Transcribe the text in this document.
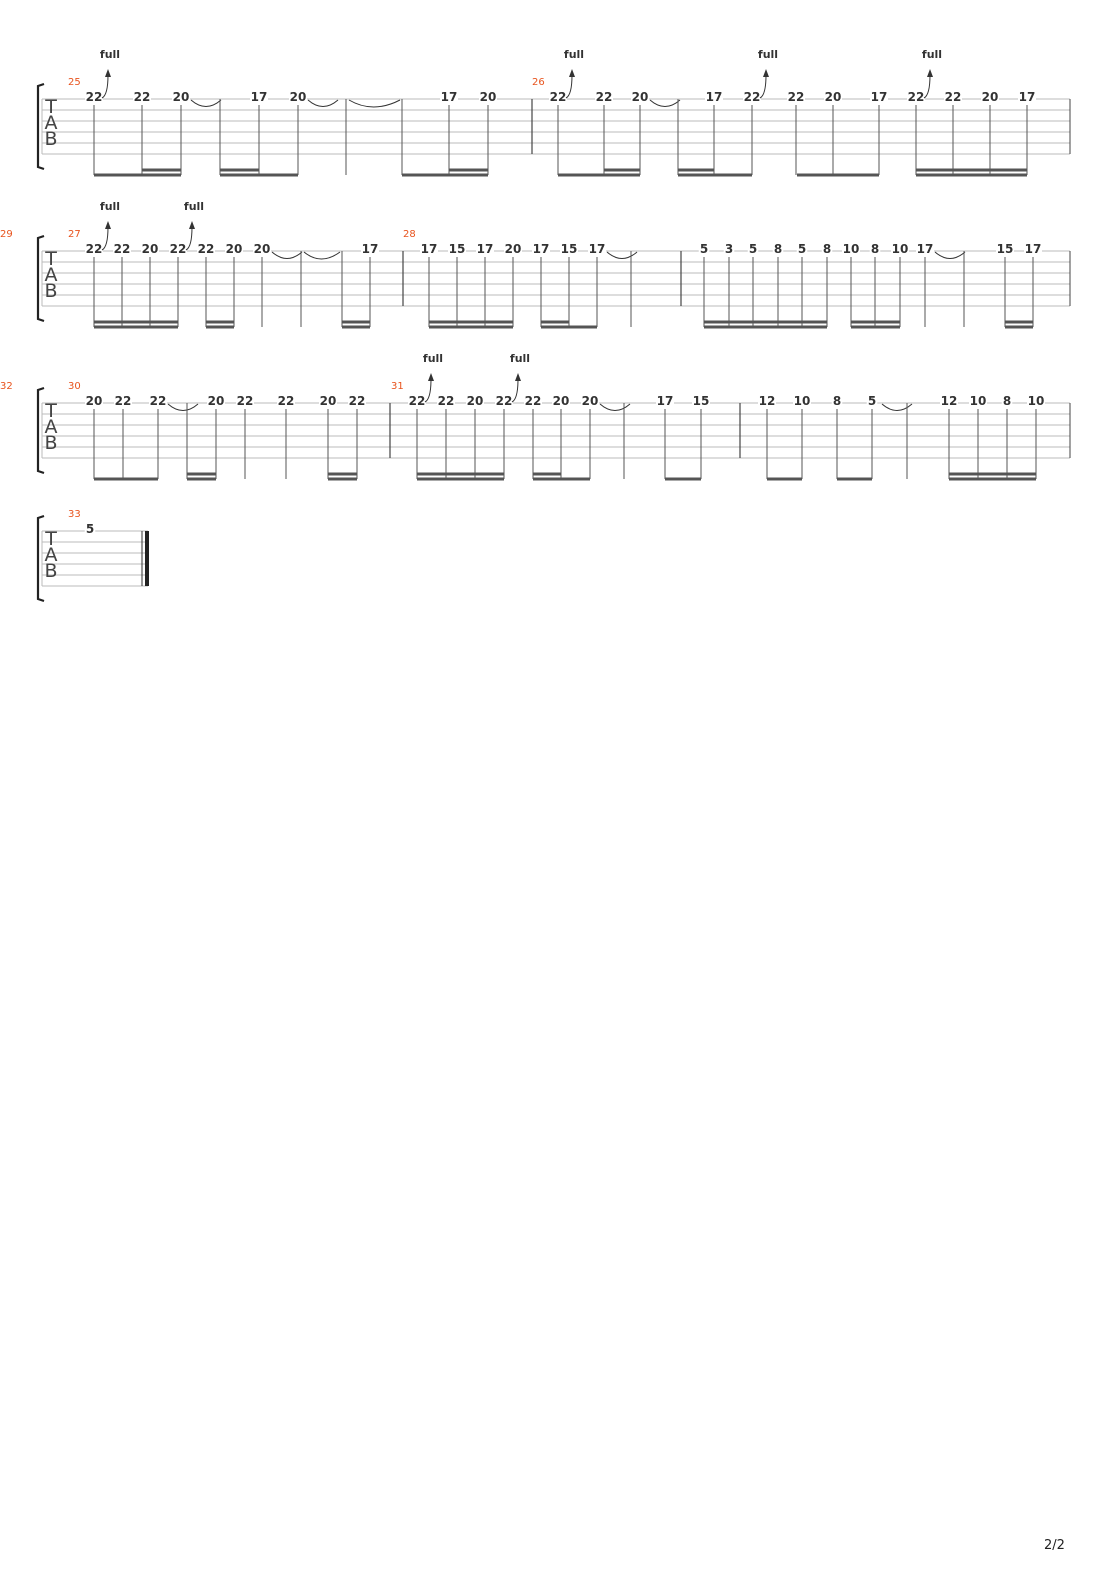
T
A
B
25
22
full
22 20	17 20	17 20
26
22
full
22 20	17 22
full
22 20 17 22
full
22 20 17
T
A
B
27
22
full
22 20 22
full
22 20 20	17
28
17 15 17 20 17 15 17
29
5 3 5 8 5 8 10 8 10 17	15 17
T
A
B
30
20 22 22	20 22 22 20 22
31
22
full
22 20 22
full
22 20 20	17 15
32
12 10 8 5	12 10 8 10
T
A
B
33
5
2/2
